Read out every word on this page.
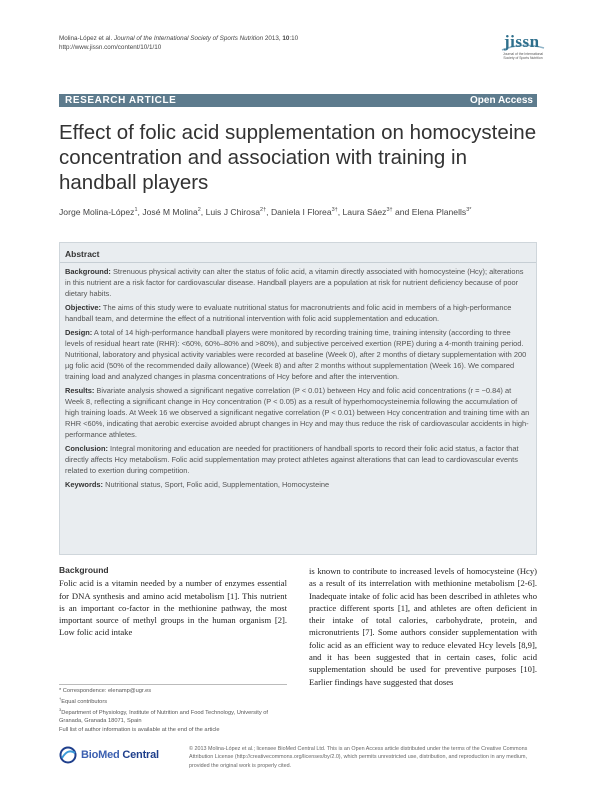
Molina-López et al. Journal of the International Society of Sports Nutrition 2013, 10:10
http://www.jissn.com/content/10/1/10	jissn
Journal of the International Society of Sports Nutrition
RESEARCH ARTICLE	Open Access
Effect of folic acid supplementation on homocysteine concentration and association with training in handball players
Jorge Molina-López$^1$, José M Molina$^2$, Luis J Chirosa$^{2\dagger}$, Daniela I Florea$^{3\dagger}$, Laura Sáez$^{3\dagger}$ and Elena Planells$^{3*}$
Abstract

Background: Strenuous physical activity can alter the status of folic acid, a vitamin directly associated with homocysteine (Hcy); alterations in this nutrient are a risk factor for cardiovascular disease. Handball players are a population at risk for nutrient deficiency because of poor dietary habits.

Objective: The aims of this study were to evaluate nutritional status for macronutrients and folic acid in members of a high-performance handball team, and determine the effect of a nutritional intervention with folic acid supplementation and education.

Design: A total of 14 high-performance handball players were monitored by recording training time, training intensity (according to three levels of residual heart rate (RHR): <60%, 60%–80% and >80%), and subjective perceived exertion (RPE) during a 4-month training period. Nutritional, laboratory and physical activity variables were recorded at baseline (Week 0), after 2 months of dietary supplementation with 200 µg folic acid (50% of the recommended daily allowance) (Week 8) and after 2 months without supplementation (Week 16). We compared training load and analyzed changes in plasma concentrations of Hcy before and after the intervention.

Results: Bivariate analysis showed a significant negative correlation (P < 0.01) between Hcy and folic acid concentrations (r = −0.84) at Week 8, reflecting a significant change in Hcy concentration (P < 0.05) as a result of hyperhomocysteinemia following the accumulation of high training loads. At Week 16 we observed a significant negative correlation (P < 0.01) between Hcy concentration and training time with an RHR <60%, indicating that aerobic exercise avoided abrupt changes in Hcy and may thus reduce the risk of cardiovascular accidents in high-performance athletes.

Conclusion: Integral monitoring and education are needed for practitioners of handball sports to record their folic acid status, a factor that directly affects Hcy metabolism. Folic acid supplementation may protect athletes against alterations that can lead to cardiovascular events related to exertion during competition.

Keywords: Nutritional status, Sport, Folic acid, Supplementation, Homocysteine

Background
Folic acid is a vitamin needed by a number of enzymes essential for DNA synthesis and amino acid metabolism [1]. This nutrient is an important co-factor in the methionine pathway, the most important source of methyl groups in the human organism [2]. Low folic acid intake
is known to contribute to increased levels of homocysteine (Hcy) as a result of its interrelation with methionine metabolism [2-6]. Inadequate intake of folic acid has been described in athletes who practice different sports [1], and athletes are often deficient in their intake of total calories, carbohydrate, protein, and micronutrients [7]. Some authors consider supplementation with folic acid as an efficient way to reduce elevated Hcy levels [8,9], and it has been suggested that in certain cases, folic acid supplementation should be used for preventive purposes [10]. Earlier findings have suggested that doses
* Correspondence: elenamp@ugr.es
†Equal contributors
$^3$Department of Physiology, Institute of Nutrition and Food Technology, University of Granada, Granada 18071, Spain
Full list of author information is available at the end of the article
BioMed Central	© 2013 Molina-López et al.; licensee BioMed Central Ltd. This is an Open Access article distributed under the terms of the Creative Commons Attribution License (http://creativecommons.org/licenses/by/2.0), which permits unrestricted use, distribution, and reproduction in any medium, provided the original work is properly cited.
